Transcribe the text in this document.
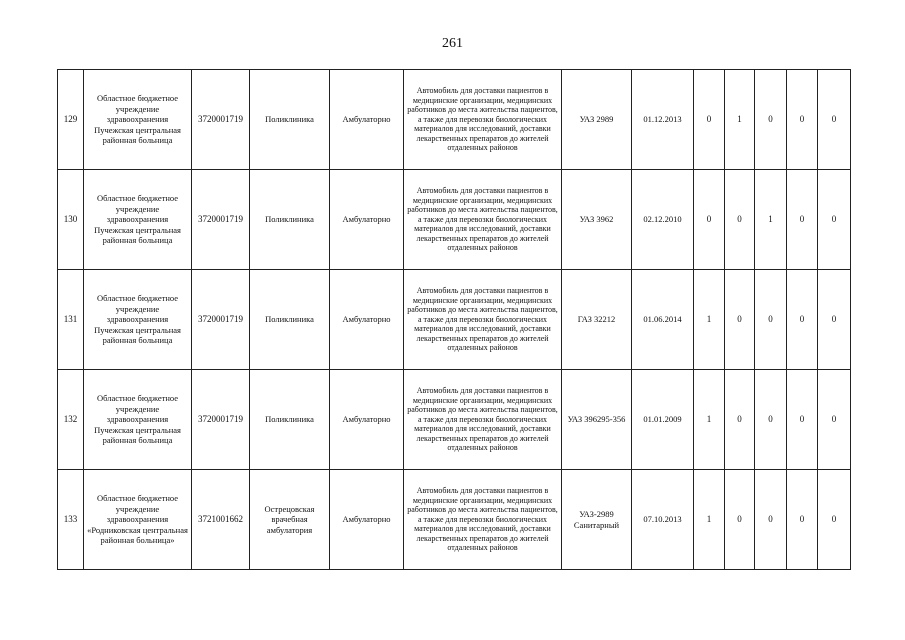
261
129	Областное бюджетное учреждение здравоохранения Пучежская центральная районная больница	3720001719	Поликлиника	Амбулаторно	Автомобиль для доставки пациентов в медицинские организации, медицинских работников до места жительства пациентов, а также для перевозки биологических материалов для исследований, доставки лекарственных препаратов до жителей отдаленных районов	УАЗ 2989	01.12.2013	0	1	0	0	0
130	Областное бюджетное учреждение здравоохранения Пучежская центральная районная больница	3720001719	Поликлиника	Амбулаторно	Автомобиль для доставки пациентов в медицинские организации, медицинских работников до места жительства пациентов, а также для перевозки биологических материалов для исследований, доставки лекарственных препаратов до жителей отдаленных районов	УАЗ 3962	02.12.2010	0	0	1	0	0
131	Областное бюджетное учреждение здравоохранения Пучежская центральная районная больница	3720001719	Поликлиника	Амбулаторно	Автомобиль для доставки пациентов в медицинские организации, медицинских работников до места жительства пациентов, а также для перевозки биологических материалов для исследований, доставки лекарственных препаратов до жителей отдаленных районов	ГАЗ 32212	01.06.2014	1	0	0	0	0
132	Областное бюджетное учреждение здравоохранения Пучежская центральная районная больница	3720001719	Поликлиника	Амбулаторно	Автомобиль для доставки пациентов в медицинские организации, медицинских работников до места жительства пациентов, а также для перевозки биологических материалов для исследований, доставки лекарственных препаратов до жителей отдаленных районов	УАЗ 396295-356	01.01.2009	1	0	0	0	0
133	Областное бюджетное учреждение здравоохранения «Родниковская центральная районная больница»	3721001662	Острецовская врачебная амбулатория	Амбулаторно	Автомобиль для доставки пациентов в медицинские организации, медицинских работников до места жительства пациентов, а также для перевозки биологических материалов для исследований, доставки лекарственных препаратов до жителей отдаленных районов	УАЗ-2989 Санитарный	07.10.2013	1	0	0	0	0
